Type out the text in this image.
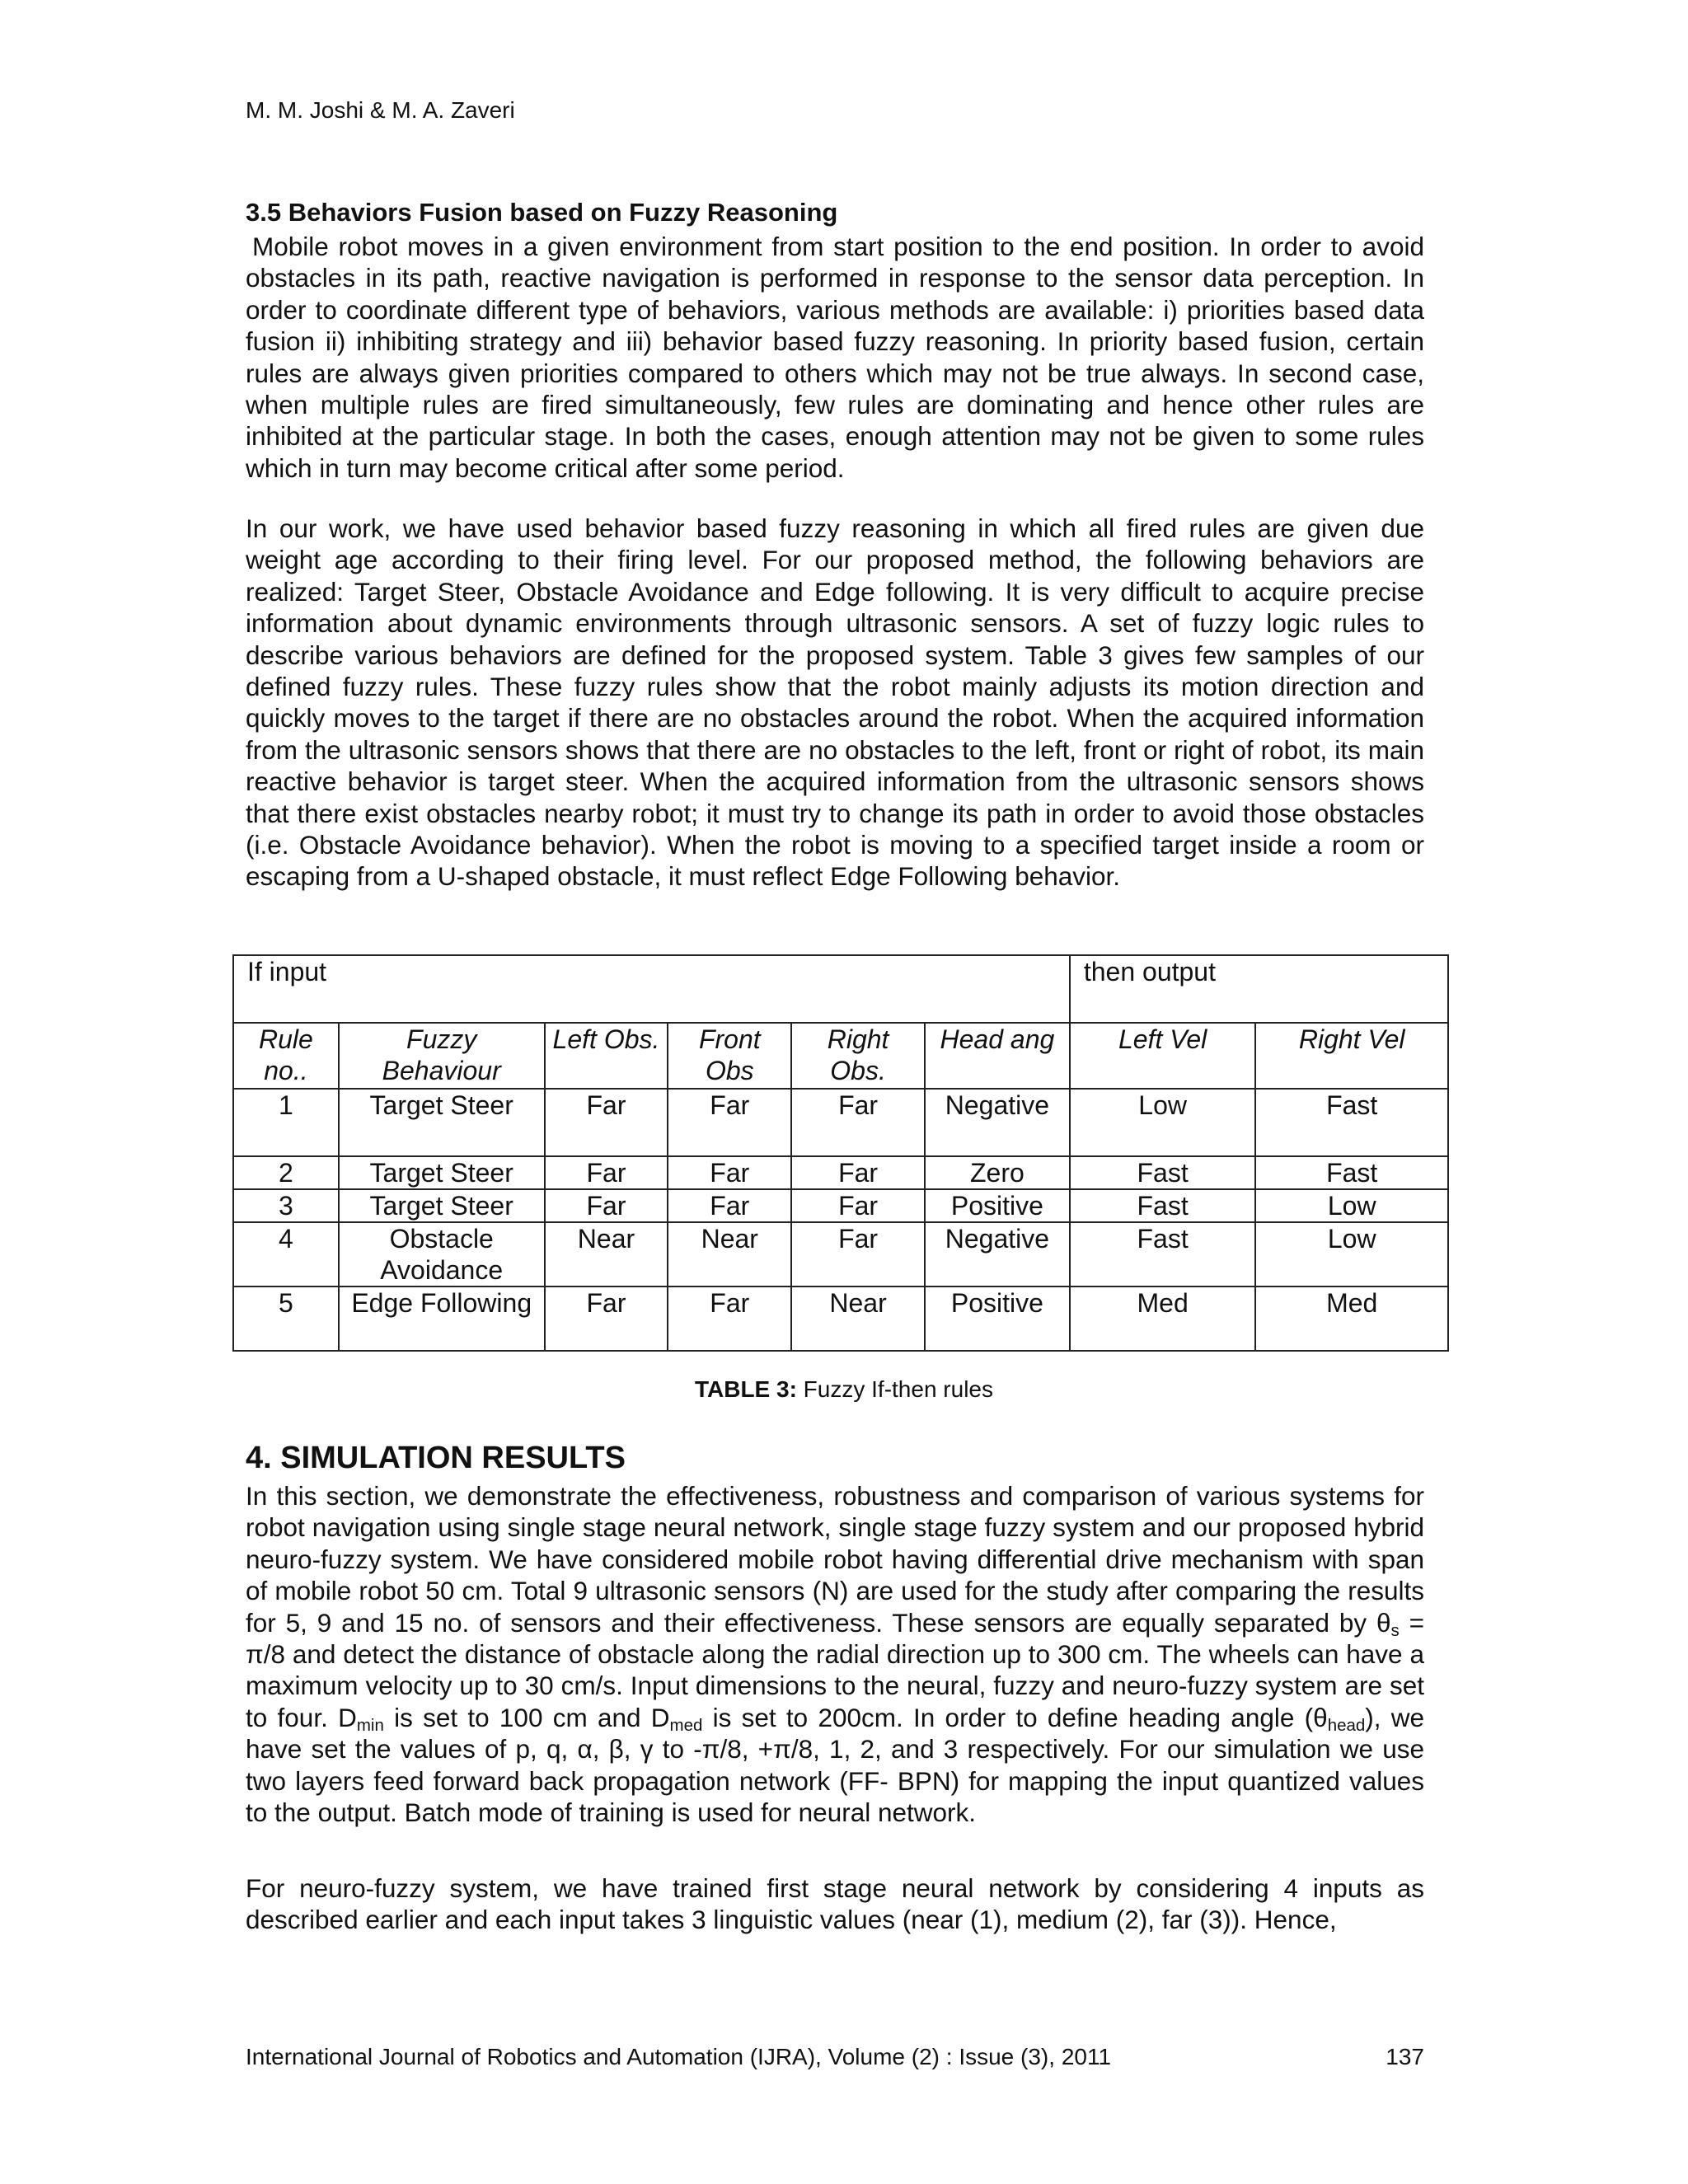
M. M. Joshi & M. A. Zaveri
3.5 Behaviors Fusion based on Fuzzy Reasoning

Mobile robot moves in a given environment from start position to the end position. In order to avoid obstacles in its path, reactive navigation is performed in response to the sensor data perception. In order to coordinate different type of behaviors, various methods are available: i) priorities based data fusion ii) inhibiting strategy and iii) behavior based fuzzy reasoning. In priority based fusion, certain rules are always given priorities compared to others which may not be true always. In second case, when multiple rules are fired simultaneously, few rules are dominating and hence other rules are inhibited at the particular stage. In both the cases, enough attention may not be given to some rules which in turn may become critical after some period.

In our work, we have used behavior based fuzzy reasoning in which all fired rules are given due weight age according to their firing level. For our proposed method, the following behaviors are realized: Target Steer, Obstacle Avoidance and Edge following. It is very difficult to acquire precise information about dynamic environments through ultrasonic sensors. A set of fuzzy logic rules to describe various behaviors are defined for the proposed system. Table 3 gives few samples of our defined fuzzy rules. These fuzzy rules show that the robot mainly adjusts its motion direction and quickly moves to the target if there are no obstacles around the robot. When the acquired information from the ultrasonic sensors shows that there are no obstacles to the left, front or right of robot, its main reactive behavior is target steer. When the acquired information from the ultrasonic sensors shows that there exist obstacles nearby robot; it must try to change its path in order to avoid those obstacles (i.e. Obstacle Avoidance behavior). When the robot is moving to a specified target inside a room or escaping from a U-shaped obstacle, it must reflect Edge Following behavior.

If input						then output	
Rule no..	Fuzzy Behaviour	Left Obs.	Front Obs	Right Obs.	Head ang	Left Vel	Right Vel
1	Target Steer	Far	Far	Far	Negative	Low	Fast
2	Target Steer	Far	Far	Far	Zero	Fast	Fast
3	Target Steer	Far	Far	Far	Positive	Fast	Low
4	Obstacle Avoidance	Near	Near	Far	Negative	Fast	Low
5	Edge Following	Far	Far	Near	Positive	Med	Med
TABLE 3: Fuzzy If-then rules
4. SIMULATION RESULTS

In this section, we demonstrate the effectiveness, robustness and comparison of various systems for robot navigation using single stage neural network, single stage fuzzy system and our proposed hybrid neuro-fuzzy system. We have considered mobile robot having differential drive mechanism with span of mobile robot 50 cm. Total 9 ultrasonic sensors (N) are used for the study after comparing the results for 5, 9 and 15 no. of sensors and their effectiveness. These sensors are equally separated by $\theta_s = \pi/8$ and detect the distance of obstacle along the radial direction up to 300 cm. The wheels can have a maximum velocity up to 30 cm/s. Input dimensions to the neural, fuzzy and neuro-fuzzy system are set to four. $D_{min}$ is set to 100 cm and $D_{med}$ is set to 200cm. In order to define heading angle $(\theta_{head})$, we have set the values of p, q, α, β, γ to -π/8, +π/8, 1, 2, and 3 respectively. For our simulation we use two layers feed forward back propagation network (FF- BPN) for mapping the input quantized values to the output. Batch mode of training is used for neural network.

For neuro-fuzzy system, we have trained first stage neural network by considering 4 inputs as described earlier and each input takes 3 linguistic values (near (1), medium (2), far (3)). Hence,

International Journal of Robotics and Automation (IJRA), Volume (2) : Issue (3), 2011	137
